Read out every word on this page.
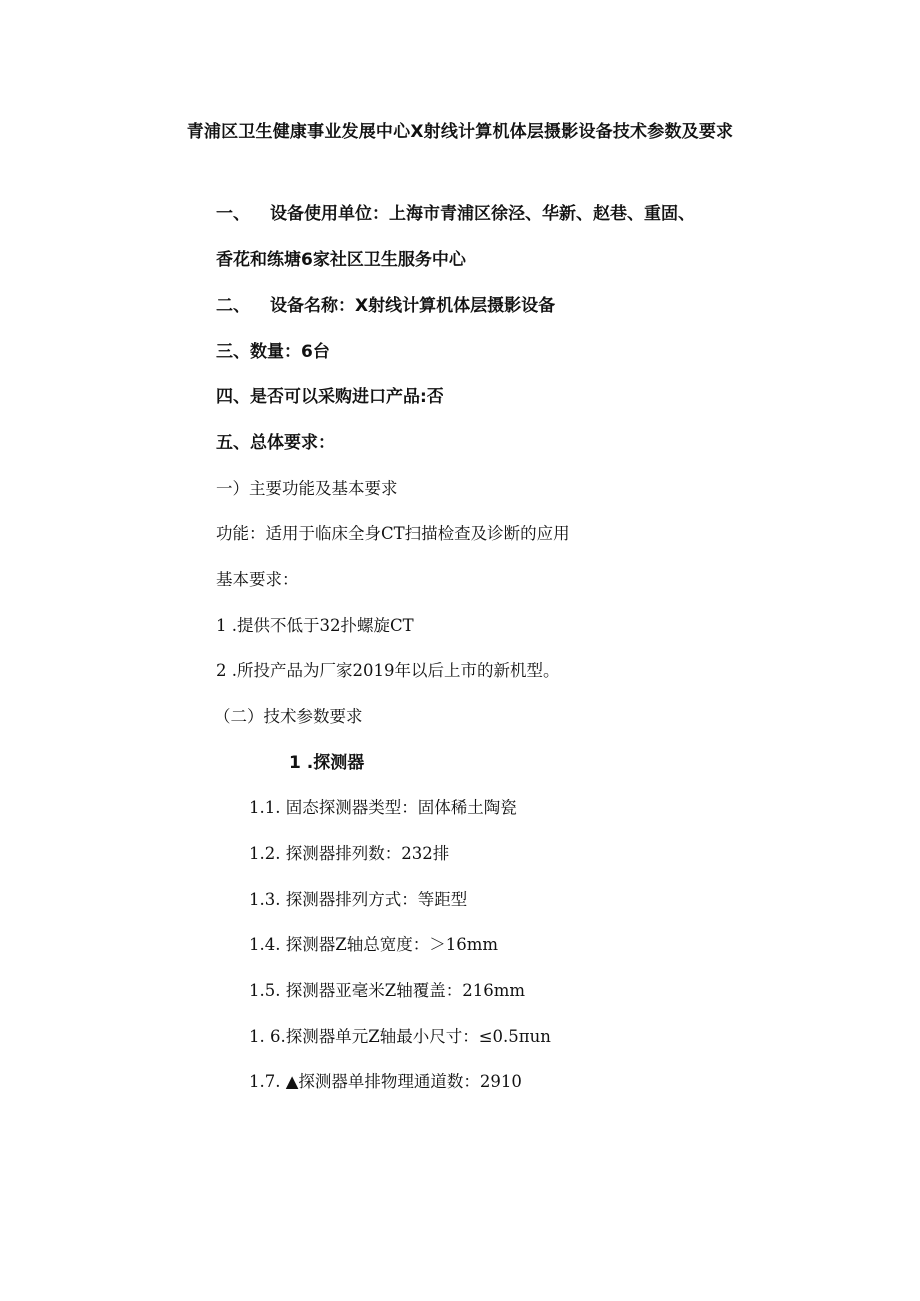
青浦区卫生健康事业发展中心X射线计算机体层摄影设备技术参数及要求
一、 设备使用单位：上海市青浦区徐泾、华新、赵巷、重固、
香花和练塘6家社区卫生服务中心
二、 设备名称：X射线计算机体层摄影设备
三、数量：6台
四、是否可以采购进口产品:否
五、总体要求：
一）主要功能及基本要求
功能：适用于临床全身CT扫描检查及诊断的应用
基本要求：
1 .提供不低于32扑螺旋CT
2 .所投产品为厂家2019年以后上市的新机型。
（二）技术参数要求
1 .探测器
1.1. 固态探测器类型：固体稀土陶瓷
1.2. 探测器排列数：232排
1.3. 探测器排列方式：等距型
1.4. 探测器Z轴总宽度：＞16mm
1.5. 探测器亚毫米Z轴覆盖：216mm
1. 6.探测器单元Z轴最小尺寸：≤0.5πun
1.7. ▲探测器单排物理通道数：2910
